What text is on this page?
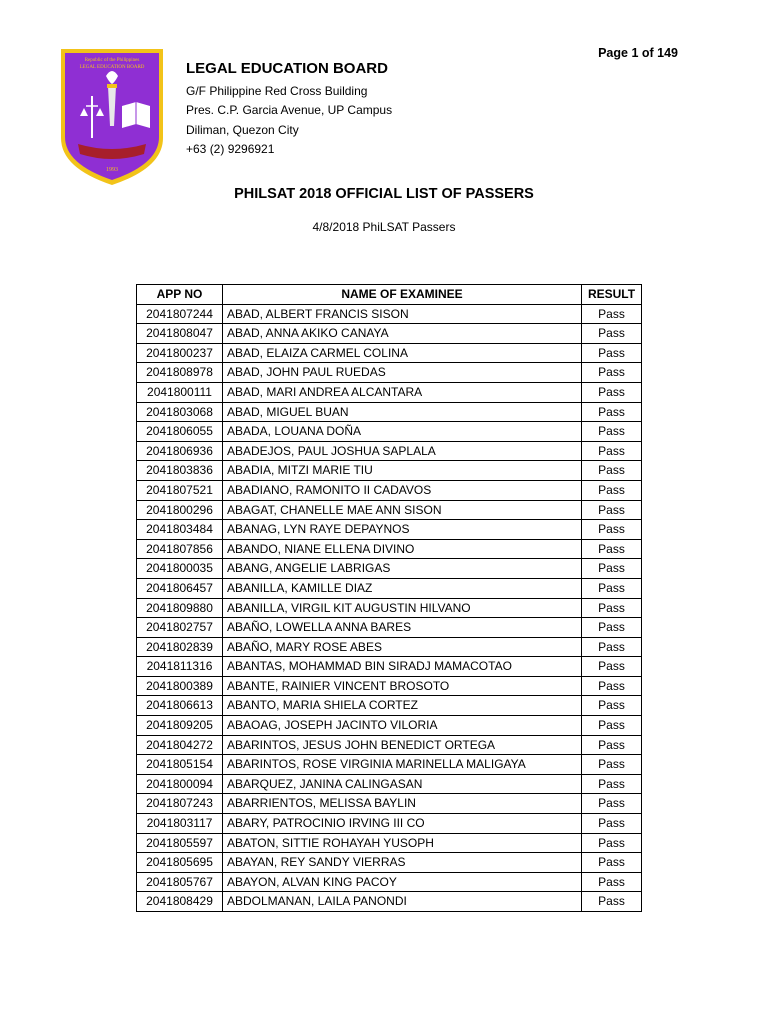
Republic of the Philippines
LEGAL EDUCATION BOARD
1993
Page 1 of 149
LEGAL EDUCATION BOARD
G/F Philippine Red Cross Building
Pres. C.P. Garcia Avenue, UP Campus
Diliman, Quezon City
+63 (2) 9296921
PHILSAT 2018 OFFICIAL LIST OF PASSERS
4/8/2018 PhiLSAT Passers
APP NO	NAME OF EXAMINEE	RESULT
2041807244	ABAD, ALBERT FRANCIS SISON	Pass
2041808047	ABAD, ANNA AKIKO CANAYA	Pass
2041800237	ABAD, ELAIZA CARMEL COLINA	Pass
2041808978	ABAD, JOHN PAUL RUEDAS	Pass
2041800111	ABAD, MARI ANDREA ALCANTARA	Pass
2041803068	ABAD, MIGUEL BUAN	Pass
2041806055	ABADA, LOUANA DOÑA	Pass
2041806936	ABADEJOS, PAUL JOSHUA SAPLALA	Pass
2041803836	ABADIA, MITZI MARIE TIU	Pass
2041807521	ABADIANO, RAMONITO II CADAVOS	Pass
2041800296	ABAGAT, CHANELLE MAE ANN SISON	Pass
2041803484	ABANAG, LYN RAYE DEPAYNOS	Pass
2041807856	ABANDO, NIANE ELLENA DIVINO	Pass
2041800035	ABANG, ANGELIE LABRIGAS	Pass
2041806457	ABANILLA, KAMILLE DIAZ	Pass
2041809880	ABANILLA, VIRGIL KIT AUGUSTIN HILVANO	Pass
2041802757	ABAÑO, LOWELLA ANNA BARES	Pass
2041802839	ABAÑO, MARY ROSE ABES	Pass
2041811316	ABANTAS, MOHAMMAD BIN SIRADJ MAMACOTAO	Pass
2041800389	ABANTE, RAINIER VINCENT BROSOTO	Pass
2041806613	ABANTO, MARIA SHIELA CORTEZ	Pass
2041809205	ABAOAG, JOSEPH JACINTO VILORIA	Pass
2041804272	ABARINTOS, JESUS JOHN BENEDICT ORTEGA	Pass
2041805154	ABARINTOS, ROSE VIRGINIA MARINELLA MALIGAYA	Pass
2041800094	ABARQUEZ, JANINA CALINGASAN	Pass
2041807243	ABARRIENTOS, MELISSA BAYLIN	Pass
2041803117	ABARY, PATROCINIO IRVING III CO	Pass
2041805597	ABATON, SITTIE ROHAYAH YUSOPH	Pass
2041805695	ABAYAN, REY SANDY VIERRAS	Pass
2041805767	ABAYON, ALVAN KING PACOY	Pass
2041808429	ABDOLMANAN, LAILA PANONDI	Pass
